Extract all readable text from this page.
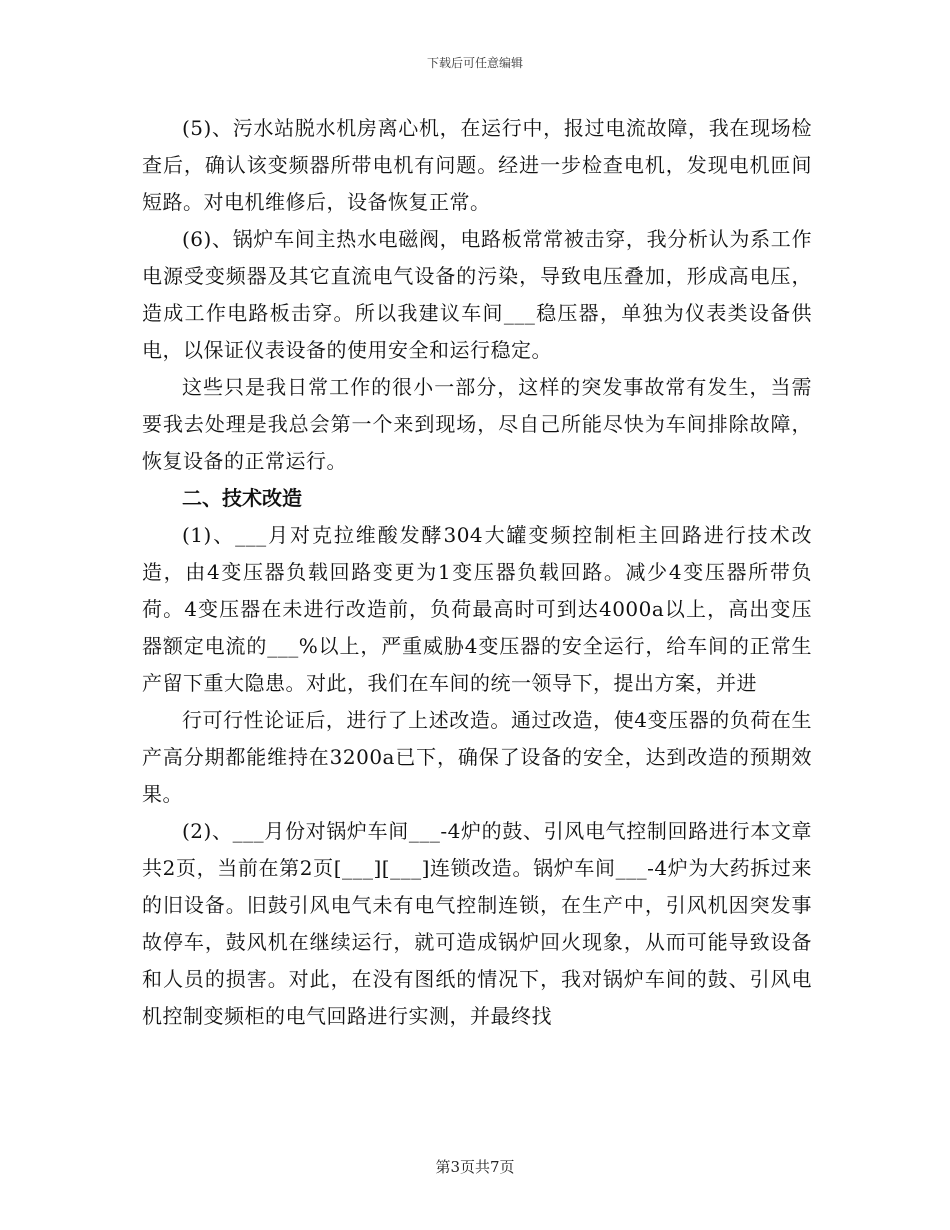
下载后可任意编辑

(5)、污水站脱水机房离心机，在运行中，报过电流故障，我在现场检查后，确认该变频器所带电机有问题。经进一步检查电机，发现电机匝间短路。对电机维修后，设备恢复正常。

(6)、锅炉车间主热水电磁阀，电路板常常被击穿，我分析认为系工作电源受变频器及其它直流电气设备的污染，导致电压叠加，形成高电压，造成工作电路板击穿。所以我建议车间___稳压器，单独为仪表类设备供电，以保证仪表设备的使用安全和运行稳定。

这些只是我日常工作的很小一部分，这样的突发事故常有发生，当需要我去处理是我总会第一个来到现场，尽自己所能尽快为车间排除故障，恢复设备的正常运行。

二、技术改造

(1)、___月对克拉维酸发酵304大罐变频控制柜主回路进行技术改造，由4变压器负载回路变更为1变压器负载回路。减少4变压器所带负荷。4变压器在未进行改造前，负荷最高时可到达4000a以上，高出变压器额定电流的___%以上，严重威胁4变压器的安全运行，给车间的正常生产留下重大隐患。对此，我们在车间的统一领导下，提出方案，并进

行可行性论证后，进行了上述改造。通过改造，使4变压器的负荷在生产高分期都能维持在3200a已下，确保了设备的安全，达到改造的预期效果。

(2)、___月份对锅炉车间___-4炉的鼓、引风电气控制回路进行本文章共2页，当前在第2页[___][___]连锁改造。锅炉车间___-4炉为大药拆过来的旧设备。旧鼓引风电气未有电气控制连锁，在生产中，引风机因突发事故停车，鼓风机在继续运行，就可造成锅炉回火现象，从而可能导致设备和人员的损害。对此，在没有图纸的情况下，我对锅炉车间的鼓、引风电机控制变频柜的电气回路进行实测，并最终找

第3页共7页
